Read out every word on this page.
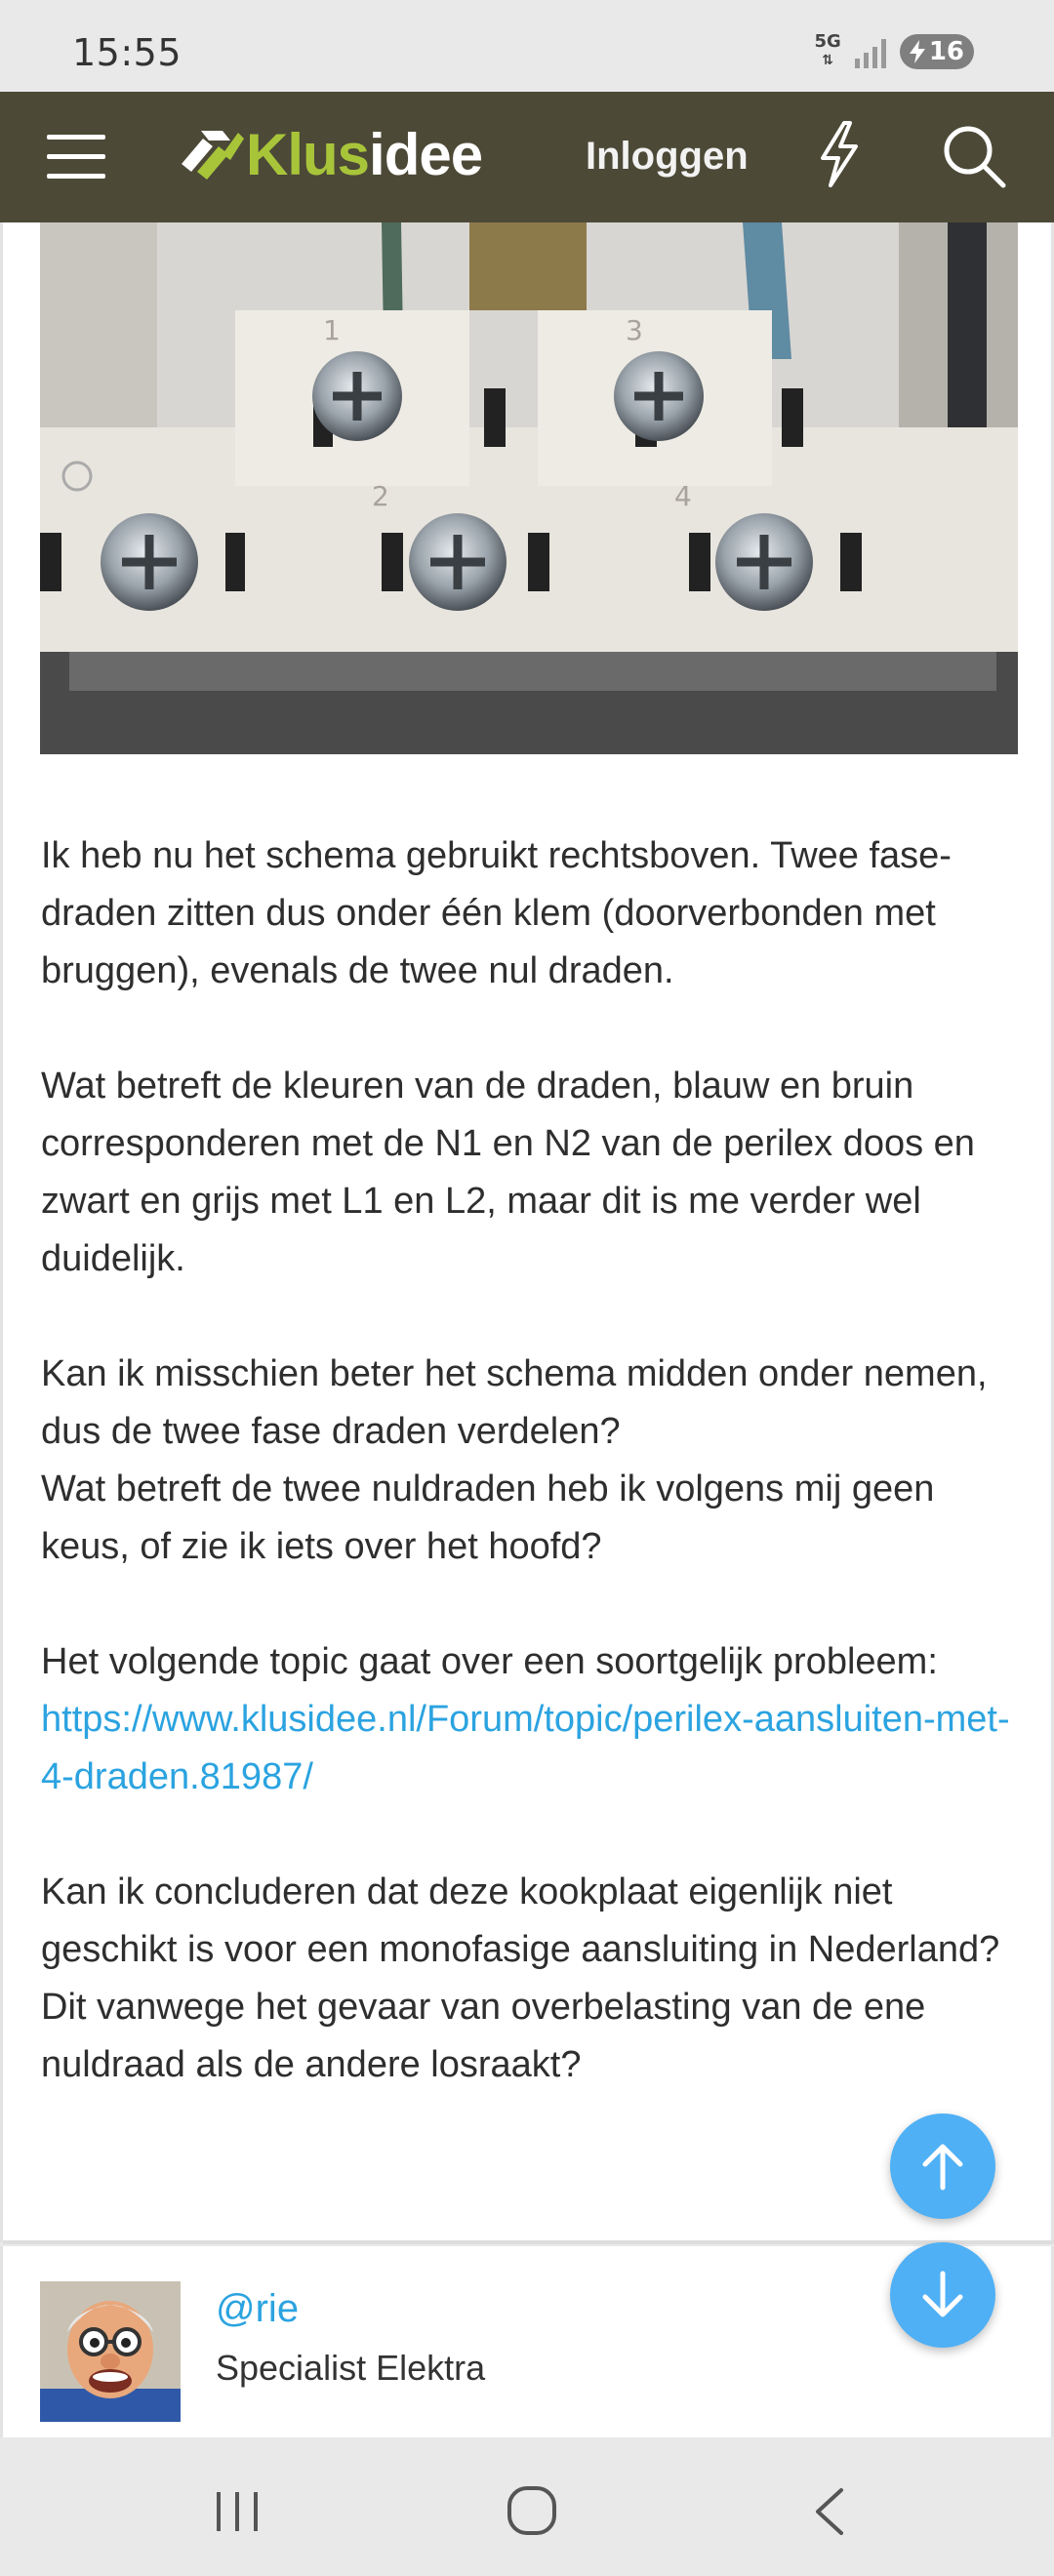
15:55	5G
⇅	16
Klusidee	Inloggen
1	3
2	4

Ik heb nu het schema gebruikt rechtsboven. Twee fase-draden zitten dus onder één klem (doorverbonden met bruggen), evenals de twee nul draden.

Wat betreft de kleuren van de draden, blauw en bruin corresponderen met de N1 en N2 van de perilex doos en zwart en grijs met L1 en L2, maar dit is me verder wel duidelijk.

Kan ik misschien beter het schema midden onder nemen, dus de twee fase draden verdelen?
Wat betreft de twee nuldraden heb ik volgens mij geen keus, of zie ik iets over het hoofd?

Het volgende topic gaat over een soortgelijk probleem:
https://www.klusidee.nl/Forum/topic/perilex-aansluiten-met-4-draden.81987/

Kan ik concluderen dat deze kookplaat eigenlijk niet geschikt is voor een monofasige aansluiting in Nederland? Dit vanwege het gevaar van overbelasting van de ene nuldraad als de andere losraakt?

@rie
Specialist Elektra
